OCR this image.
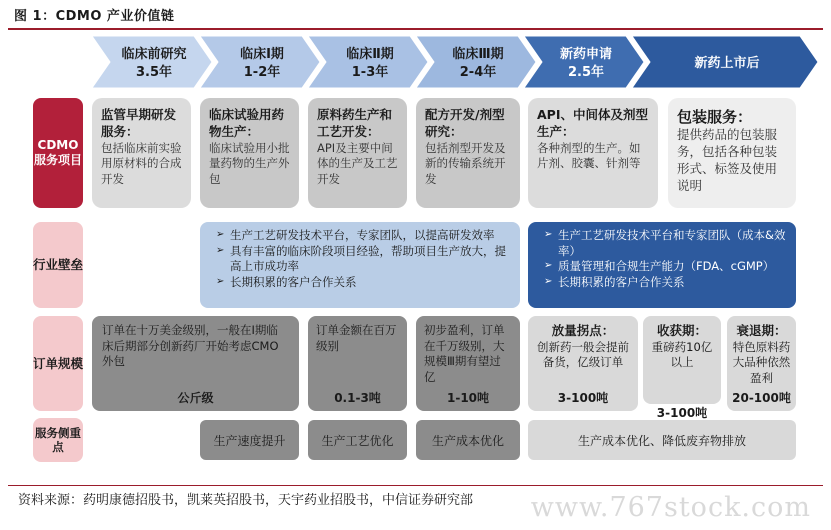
图 1：CDMO 产业价值链
临床前研究
3.5年
临床Ⅰ期
1-2年
临床Ⅱ期
1-3年
临床Ⅲ期
2-4年
新药申请
2.5年
新药上市后
CDMO服务项目
行业壁垒
订单规模
服务侧重点
监管早期研发服务：
包括临床前实验用原材料的合成开发
临床试验用药物生产：
临床试验用小批量药物的生产外包
原料药生产和工艺开发：
API及主要中间体的生产及工艺开发
配方开发/剂型研究：
包括剂型开发及新的传输系统开发
API、中间体及剂型生产：
各种剂型的生产。如片剂、胶囊、针剂等
包装服务：
提供药品的包装服务，包括各种包装形式、标签及使用说明
➢ 生产工艺研发技术平台，专家团队，以提高研发效率
➢ 具有丰富的临床阶段项目经验，帮助项目生产放大，提高上市成功率
➢ 长期积累的客户合作关系
➢ 生产工艺研发技术平台和专家团队（成本&效率）
➢ 质量管理和合规生产能力（FDA、cGMP）
➢ 长期积累的客户合作关系
订单在十万美金级别，一般在Ⅰ期临床后期部分创新药厂开始考虑CMO外包
公斤级
订单金额在百万级别
0.1-3吨
初步盈利，订单在千万级别，大规模Ⅲ期有望过亿
1-10吨
放量拐点：
创新药一般会提前备货，亿级订单
3-100吨
收获期：
重磅药10亿以上
3-100吨
衰退期：
特色原料药大品种依然盈利
20-100吨
生产速度提升	生产工艺优化	生产成本优化	生产成本优化、降低废弃物排放
资料来源：药明康德招股书，凯莱英招股书，天宇药业招股书，中信证券研究部 www.767stock.com
